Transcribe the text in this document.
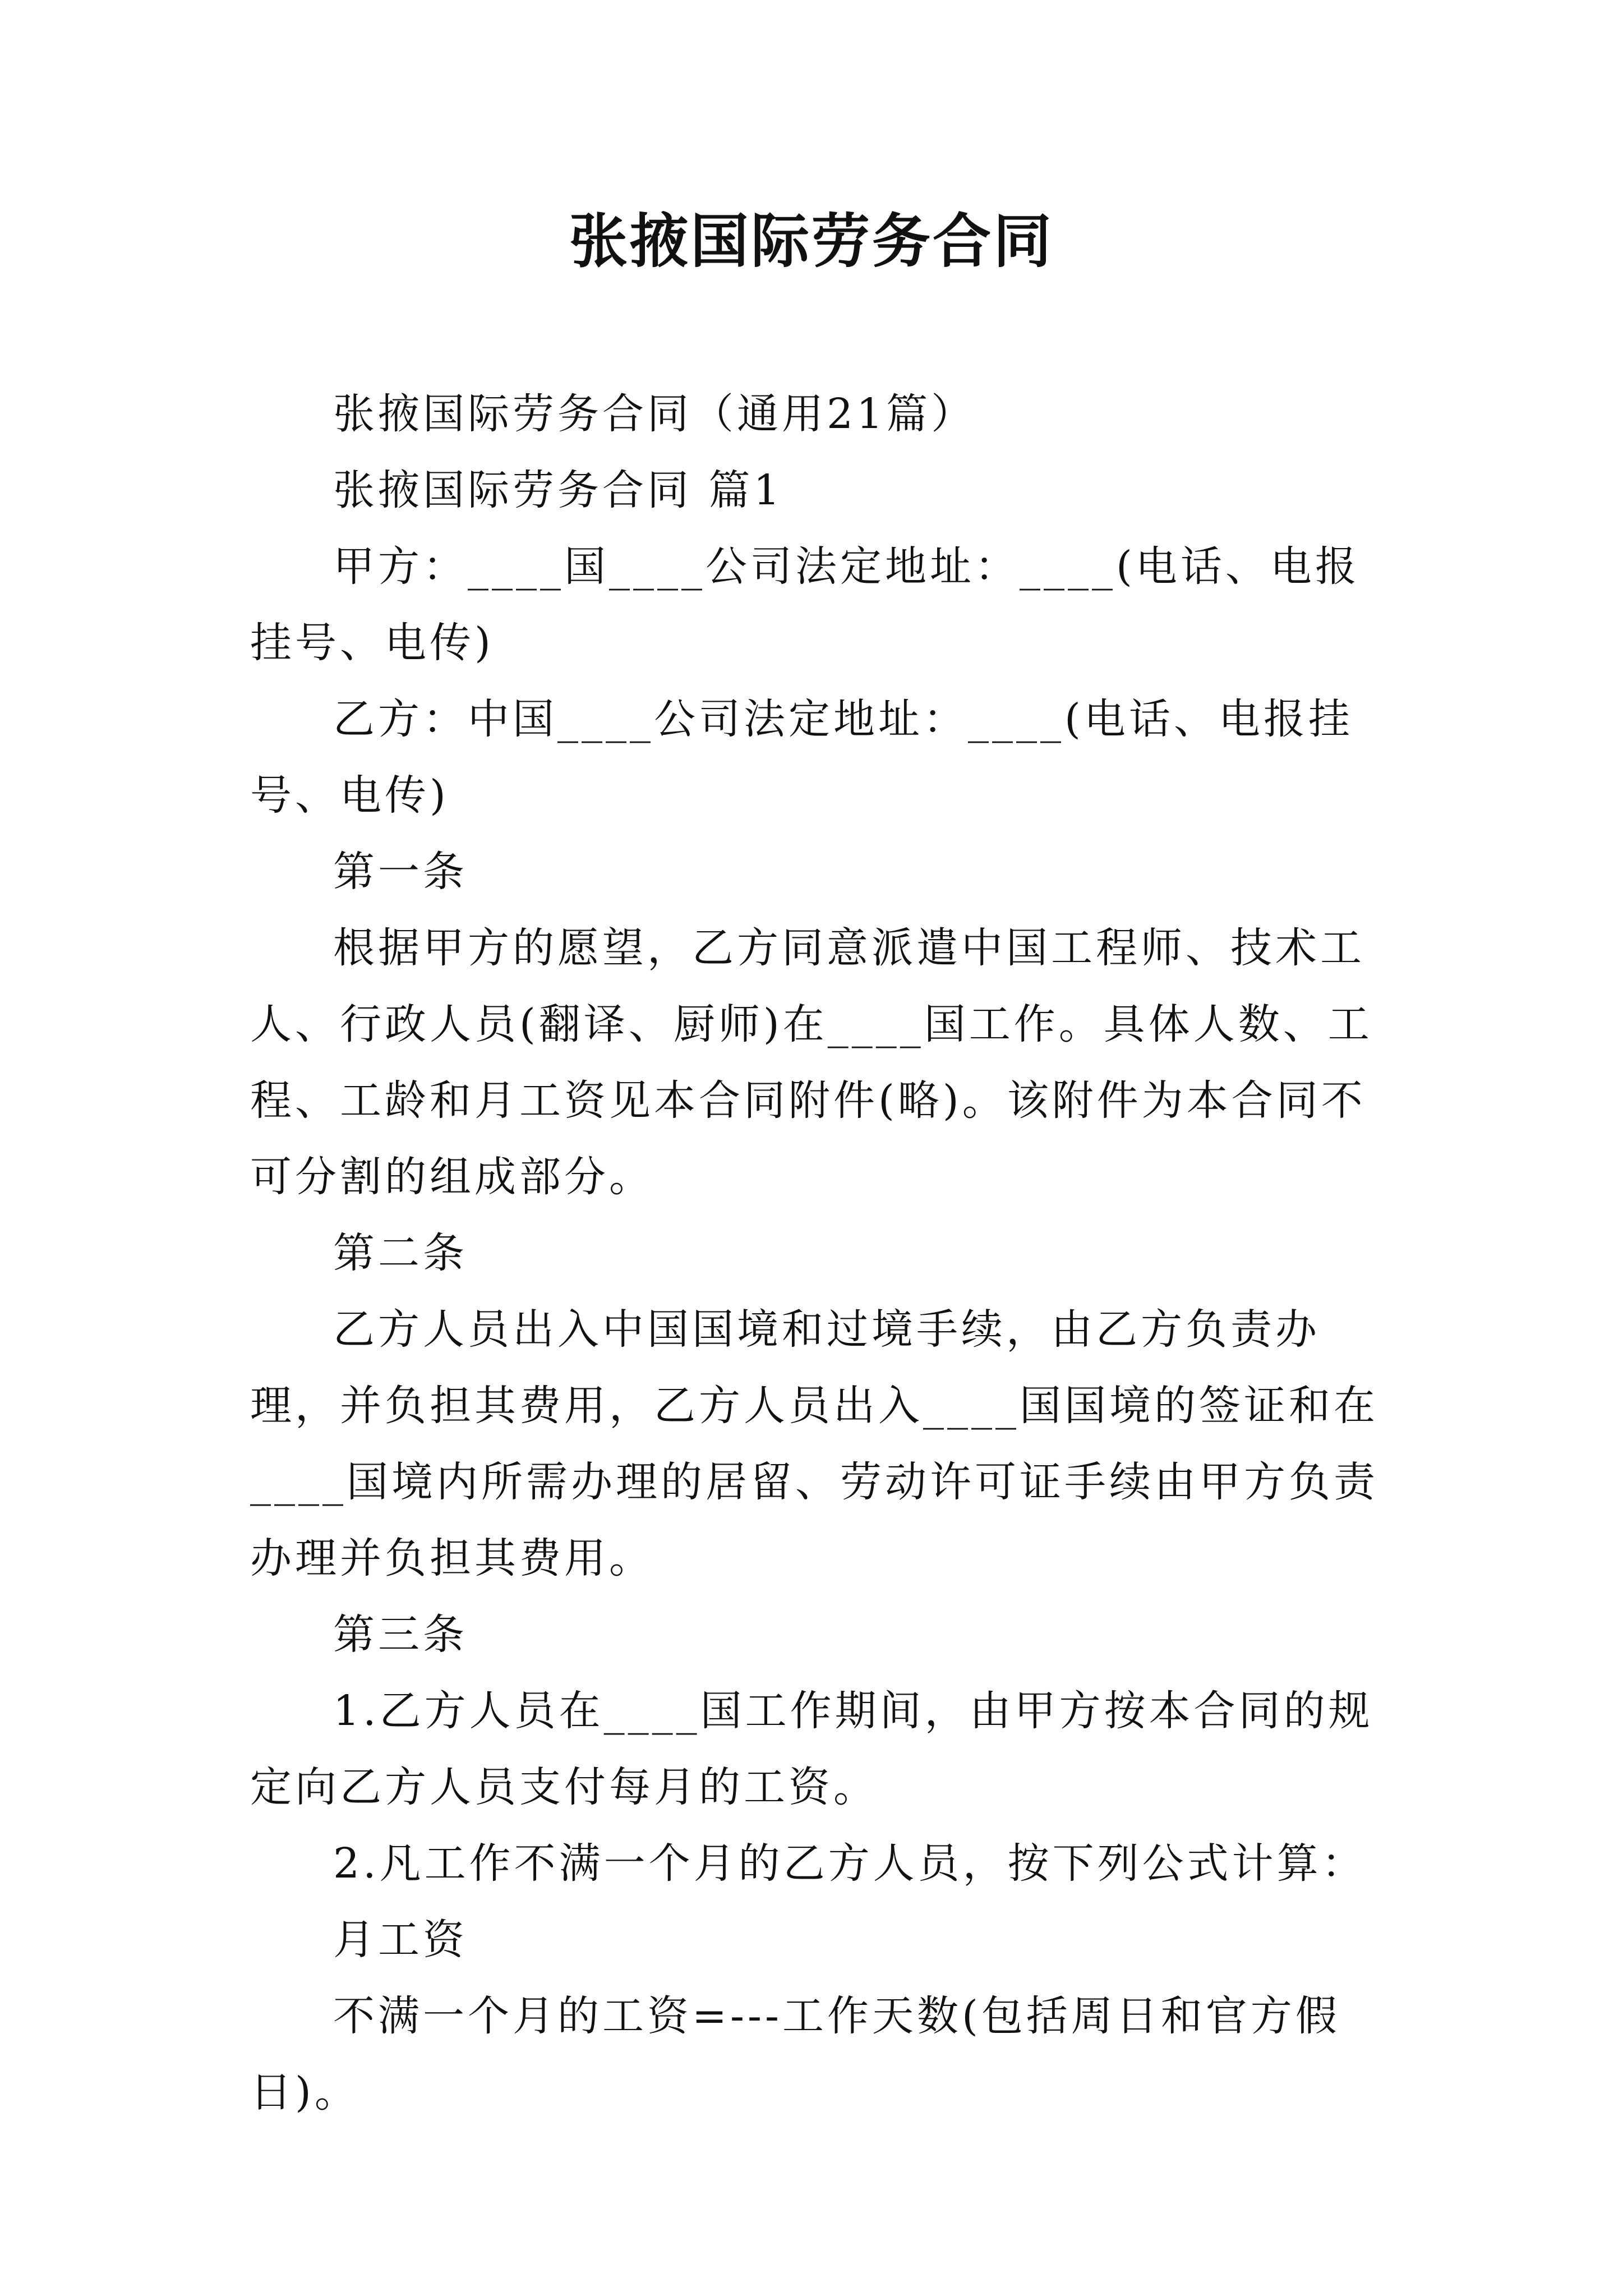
张掖国际劳务合同

张掖国际劳务合同（通用21篇）

张掖国际劳务合同 篇1

甲方：____国____公司法定地址：____(电话、电报挂号、电传)

乙方：中国____公司法定地址：____(电话、电报挂号、电传)

第一条

根据甲方的愿望，乙方同意派遣中国工程师、技术工人、行政人员(翻译、厨师)在____国工作。具体人数、工程、工龄和月工资见本合同附件(略)。该附件为本合同不可分割的组成部分。

第二条

乙方人员出入中国国境和过境手续，由乙方负责办理，并负担其费用，乙方人员出入____国国境的签证和在____国境内所需办理的居留、劳动许可证手续由甲方负责办理并负担其费用。

第三条

1.乙方人员在____国工作期间，由甲方按本合同的规定向乙方人员支付每月的工资。

2.凡工作不满一个月的乙方人员，按下列公式计算：

月工资

不满一个月的工资=---工作天数(包括周日和官方假日)。
